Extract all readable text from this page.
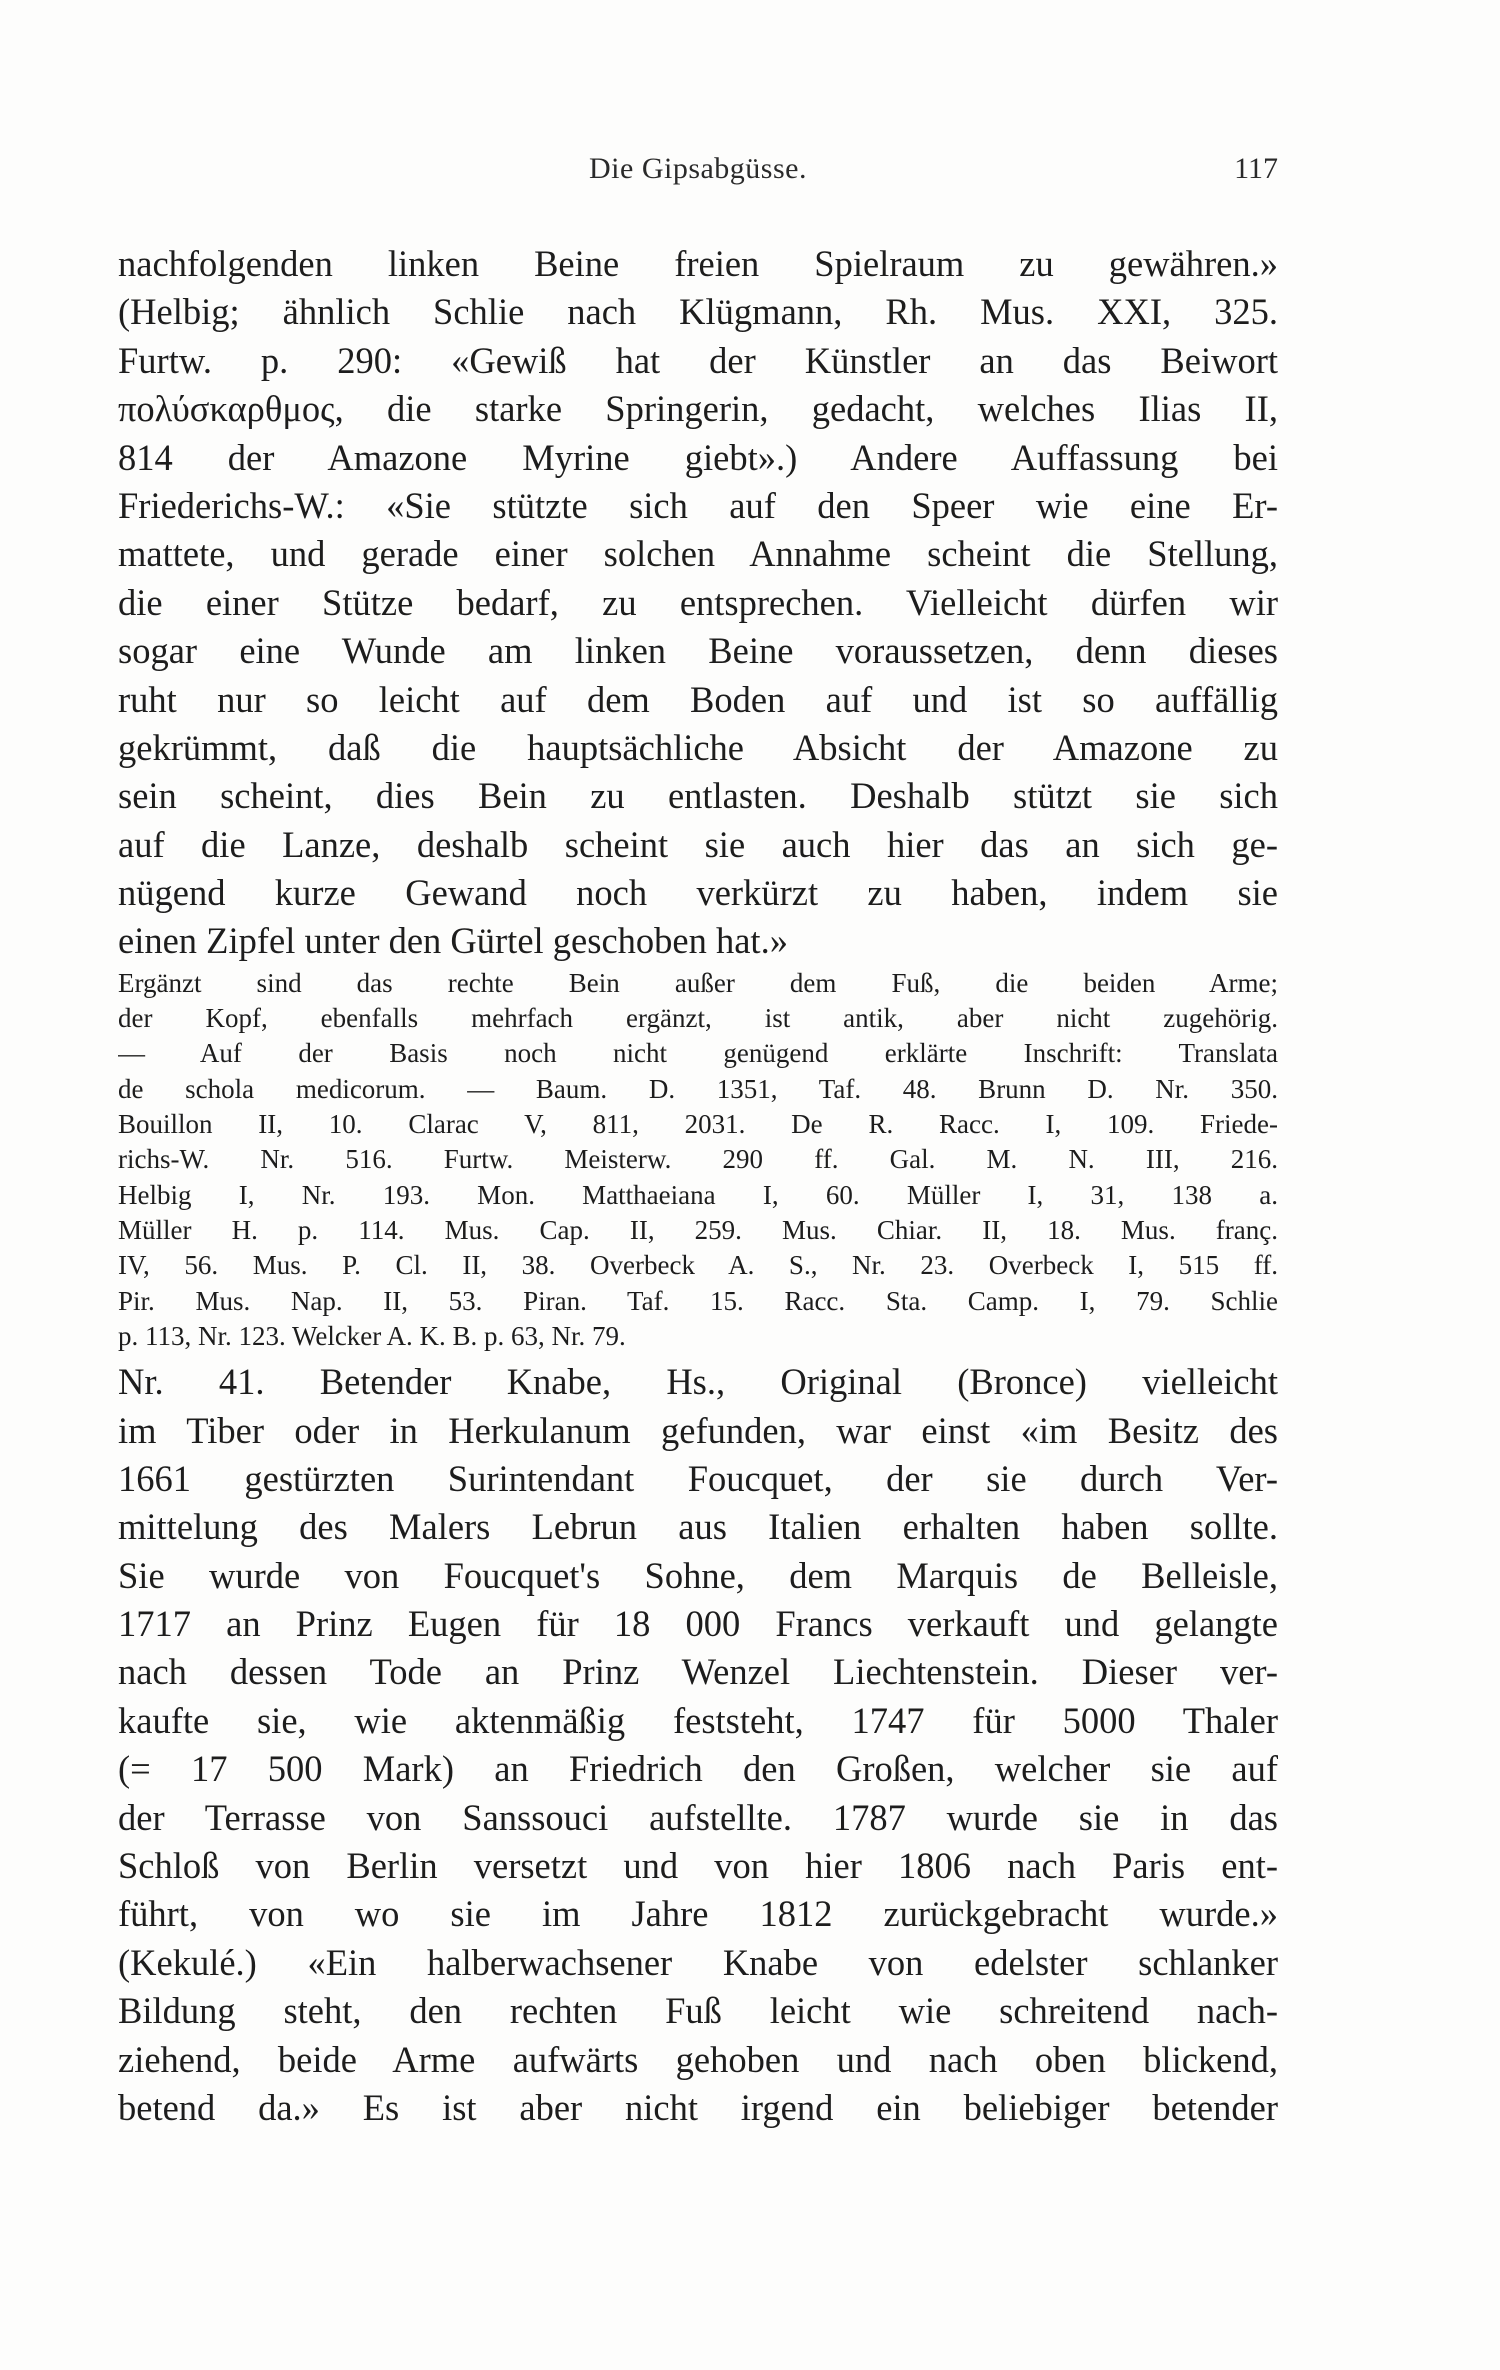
Die Gipsabgüsse.	117
nachfolgenden linken Beine freien Spielraum zu gewähren.»
(Helbig; ähnlich Schlie nach Klügmann, Rh. Mus. XXI, 325.
Furtw. p. 290: «Gewiß hat der Künstler an das Beiwort
πολύσκαρθμος, die starke Springerin, gedacht, welches Ilias II,
814 der Amazone Myrine giebt».) Andere Auffassung bei
Friederichs-W.: «Sie stützte sich auf den Speer wie eine Er-
mattete, und gerade einer solchen Annahme scheint die Stellung,
die einer Stütze bedarf, zu entsprechen. Vielleicht dürfen wir
sogar eine Wunde am linken Beine voraussetzen, denn dieses
ruht nur so leicht auf dem Boden auf und ist so auffällig
gekrümmt, daß die hauptsächliche Absicht der Amazone zu
sein scheint, dies Bein zu entlasten. Deshalb stützt sie sich
auf die Lanze, deshalb scheint sie auch hier das an sich ge-
nügend kurze Gewand noch verkürzt zu haben, indem sie
einen Zipfel unter den Gürtel geschoben hat.»
Ergänzt sind das rechte Bein außer dem Fuß, die beiden Arme;
der Kopf, ebenfalls mehrfach ergänzt, ist antik, aber nicht zugehörig.
— Auf der Basis noch nicht genügend erklärte Inschrift: Translata
de schola medicorum. — Baum. D. 1351, Taf. 48. Brunn D. Nr. 350.
Bouillon II, 10. Clarac V, 811, 2031. De R. Racc. I, 109. Friede-
richs-W. Nr. 516. Furtw. Meisterw. 290 ff. Gal. M. N. III, 216.
Helbig I, Nr. 193. Mon. Matthaeiana I, 60. Müller I, 31, 138 a.
Müller H. p. 114. Mus. Cap. II, 259. Mus. Chiar. II, 18. Mus. franç.
IV, 56. Mus. P. Cl. II, 38. Overbeck A. S., Nr. 23. Overbeck I, 515 ff.
Pir. Mus. Nap. II, 53. Piran. Taf. 15. Racc. Sta. Camp. I, 79. Schlie
p. 113, Nr. 123. Welcker A. K. B. p. 63, Nr. 79.
Nr. 41. Betender Knabe, Hs., Original (Bronce) vielleicht
im Tiber oder in Herkulanum gefunden, war einst «im Besitz des
1661 gestürzten Surintendant Foucquet, der sie durch Ver-
mittelung des Malers Lebrun aus Italien erhalten haben sollte.
Sie wurde von Foucquet's Sohne, dem Marquis de Belleisle,
1717 an Prinz Eugen für 18 000 Francs verkauft und gelangte
nach dessen Tode an Prinz Wenzel Liechtenstein. Dieser ver-
kaufte sie, wie aktenmäßig feststeht, 1747 für 5000 Thaler
(= 17 500 Mark) an Friedrich den Großen, welcher sie auf
der Terrasse von Sanssouci aufstellte. 1787 wurde sie in das
Schloß von Berlin versetzt und von hier 1806 nach Paris ent-
führt, von wo sie im Jahre 1812 zurückgebracht wurde.»
(Kekulé.) «Ein halberwachsener Knabe von edelster schlanker
Bildung steht, den rechten Fuß leicht wie schreitend nach-
ziehend, beide Arme aufwärts gehoben und nach oben blickend,
betend da.» Es ist aber nicht irgend ein beliebiger betender
